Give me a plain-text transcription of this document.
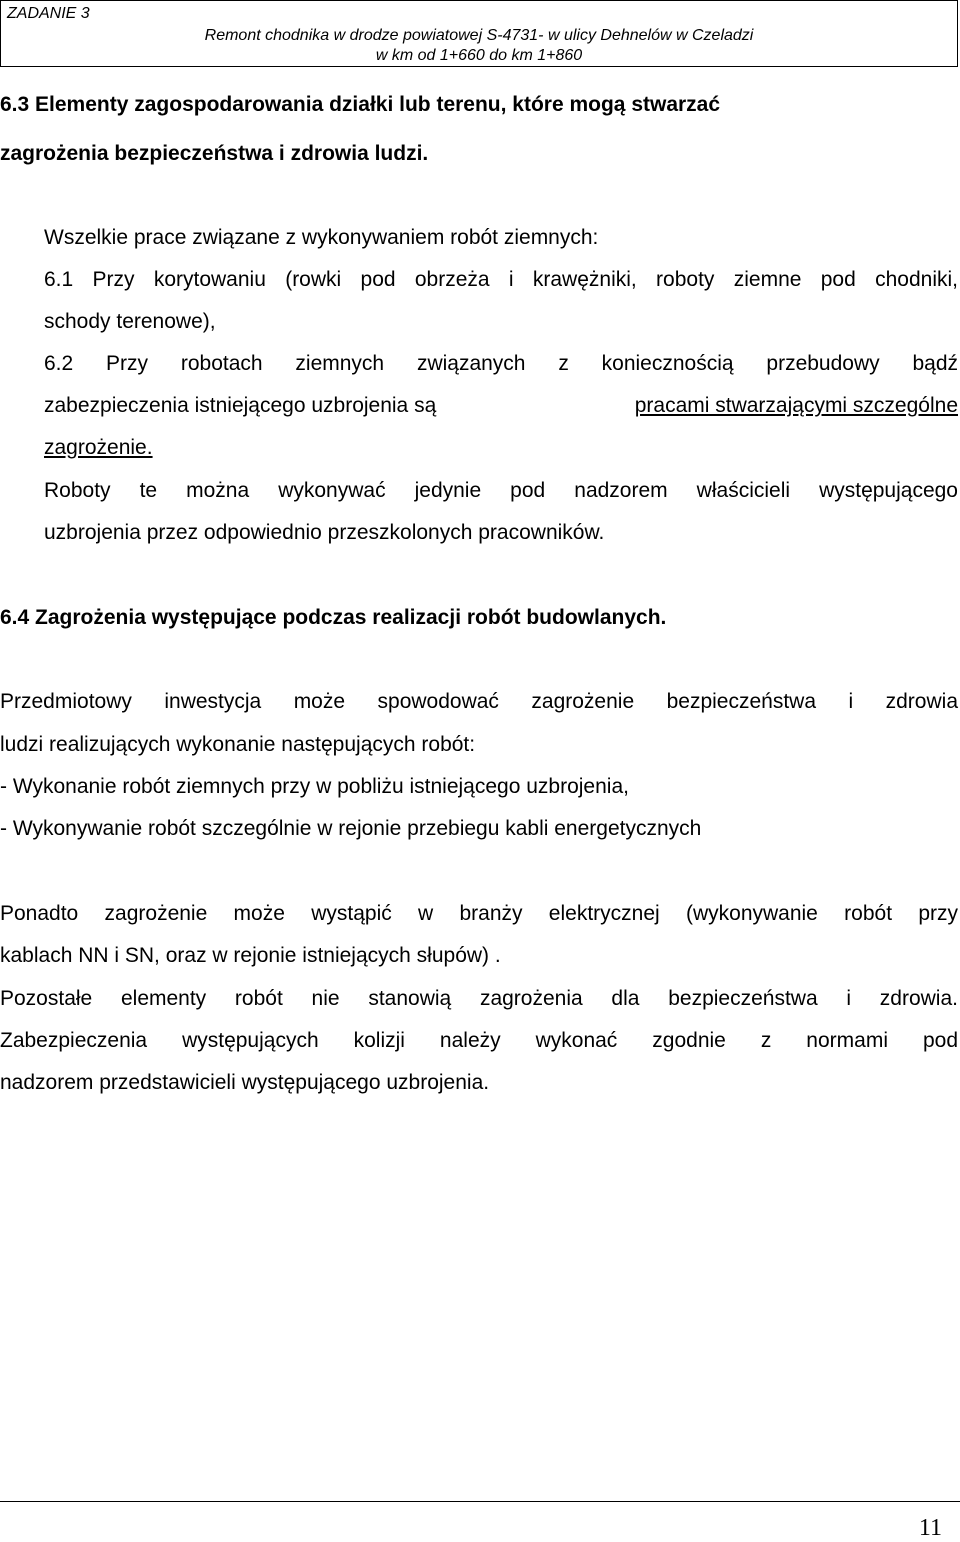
ZADANIE 3
Remont chodnika w drodze powiatowej S-4731- w ulicy Dehnelów w Czeladzi
w km od 1+660 do km 1+860
6.3 Elementy zagospodarowania działki lub terenu, które mogą stwarzać
zagrożenia bezpieczeństwa i zdrowia ludzi.
Wszelkie prace związane z wykonywaniem robót ziemnych:
6.1 Przy korytowaniu (rowki pod obrzeża i krawężniki, roboty ziemne pod chodniki,
schody terenowe),
6.2 Przy robotach ziemnych związanych z koniecznością przebudowy bądź
zabezpieczenia istniejącego uzbrojenia są	pracami stwarzającymi szczególne
zagrożenie.
Roboty te można wykonywać jedynie pod nadzorem właścicieli występującego
uzbrojenia przez odpowiednio przeszkolonych pracowników.
6.4 Zagrożenia występujące podczas realizacji robót budowlanych.
Przedmiotowy inwestycja może spowodować zagrożenie bezpieczeństwa i zdrowia
ludzi realizujących wykonanie następujących robót:
- Wykonanie robót ziemnych przy w pobliżu istniejącego uzbrojenia,
- Wykonywanie robót szczególnie w rejonie przebiegu kabli energetycznych
Ponadto zagrożenie może wystąpić w branży elektrycznej (wykonywanie robót przy
kablach NN i SN, oraz w rejonie istniejących słupów) .
Pozostałe elementy robót nie stanowią zagrożenia dla bezpieczeństwa i zdrowia.
Zabezpieczenia występujących kolizji należy wykonać zgodnie z normami pod
nadzorem przedstawicieli występującego uzbrojenia.
11
